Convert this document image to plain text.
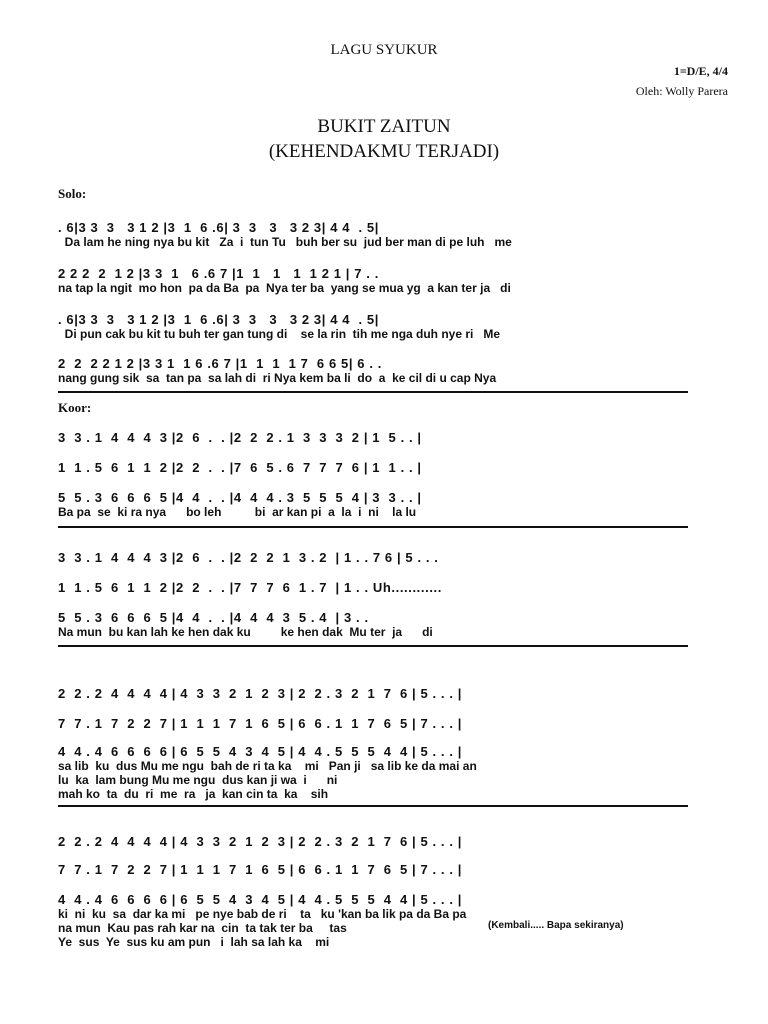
LAGU SYUKUR
1=D/E, 4/4
Oleh: Wolly Parera
BUKIT ZAITUN
(KEHENDAKMU TERJADI)
Solo:
. 6|3 3  3   3 1 2 |3  1  6 .6| 3  3   3   3 2 3| 4 4  . 5|
Da lam he ning nya bu kit   Za  i  tun Tu   buh ber su  jud ber man di pe luh   me
2 2 2  2  1 2 |3 3  1   6 .6 7 |1  1   1   1  1 2 1 | 7 . .
na tap la ngit  mo hon  pa da Ba  pa  Nya ter ba  yang se mua yg  a kan ter ja   di
. 6|3 3  3   3 1 2 |3  1  6 .6| 3  3   3   3 2 3| 4 4  . 5|
Di pun cak bu kit tu buh ter gan tung di    se la rin  tih me nga duh nye ri   Me
2  2  2 2 1 2 |3 3 1  1 6 .6 7 |1  1  1  1 7  6 6 5| 6 . .
nang gung sik  sa  tan pa  sa lah di  ri Nya kem ba li  do  a  ke cil di u cap Nya
Koor:
3  3 . 1  4  4  4  3 |2  6  .  . |2  2  2 . 1  3  3  3  2 | 1  5 . . |
1  1 . 5  6  1  1  2 |2  2  .  . |7  6  5 . 6  7  7  7  6 | 1  1 . . |
5  5 . 3  6  6  6  5 |4  4  .  . |4  4  4 . 3  5  5  5  4 | 3  3 . . |
Ba pa  se  ki ra nya      bo leh          bi  ar kan pi  a  la  i  ni    la lu
3  3 . 1  4  4  4  3 |2  6  .  . |2  2  2  1  3 . 2  | 1 . . 7 6 | 5 . . .
1  1 . 5  6  1  1  2 |2  2  .  . |7  7  7  6  1 . 7  | 1 . . Uh............
5  5 . 3  6  6  6  5 |4  4  .  . |4  4  4  3  5 . 4  | 3 . .
Na mun  bu kan lah ke hen dak ku         ke hen dak  Mu ter  ja      di
2  2 . 2  4  4  4  4 | 4  3  3  2  1  2  3 | 2  2 . 3  2  1  7  6 | 5 . . . |
7  7 . 1  7  2  2  7 | 1  1  1  7  1  6  5 | 6  6 . 1  1  7  6  5 | 7 . . . |
4  4 . 4  6  6  6  6 | 6  5  5  4  3  4  5 | 4  4 . 5  5  5  4  4 | 5 . . . |
sa lib  ku  dus Mu me ngu  bah de ri ta ka    mi   Pan ji   sa lib ke da mai an
lu  ka  lam bung Mu me ngu  dus kan ji wa  i      ni
mah ko  ta  du  ri  me  ra   ja  kan cin ta  ka    sih
2  2 . 2  4  4  4  4 | 4  3  3  2  1  2  3 | 2  2 . 3  2  1  7  6 | 5 . . . |
7  7 . 1  7  2  2  7 | 1  1  1  7  1  6  5 | 6  6 . 1  1  7  6  5 | 7 . . . |
4  4 . 4  6  6  6  6 | 6  5  5  4  3  4  5 | 4  4 . 5  5  5  4  4 | 5 . . . |
ki  ni  ku  sa  dar ka mi   pe nye bab de ri    ta   ku 'kan ba lik pa da Ba pa
na mun  Kau pas rah kar na  cin  ta tak ter ba     tas
Ye  sus  Ye  sus ku am pun   i  lah sa lah ka    mi
(Kembali..... Bapa sekiranya)
